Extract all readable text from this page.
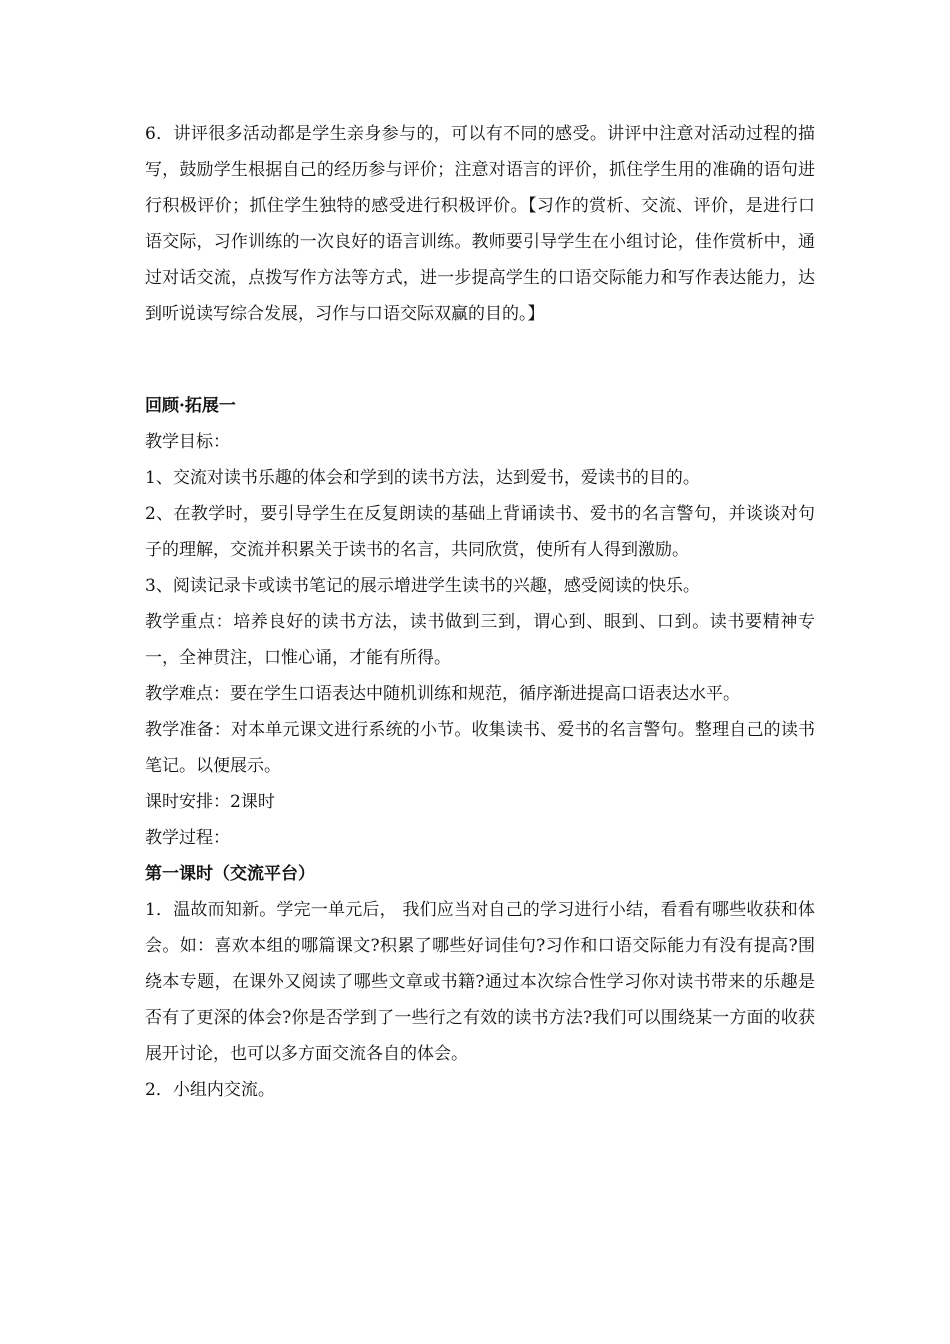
6．讲评很多活动都是学生亲身参与的，可以有不同的感受。讲评中注意对活动过程的描写，鼓励学生根据自己的经历参与评价；注意对语言的评价，抓住学生用的准确的语句进行积极评价；抓住学生独特的感受进行积极评价。【习作的赏析、交流、评价，是进行口语交际，习作训练的一次良好的语言训练。教师要引导学生在小组讨论，佳作赏析中，通过对话交流，点拨写作方法等方式，进一步提高学生的口语交际能力和写作表达能力，达到听说读写综合发展，习作与口语交际双赢的目的。】

回顾·拓展一

教学目标：

1、交流对读书乐趣的体会和学到的读书方法，达到爱书，爱读书的目的。

2、在教学时，要引导学生在反复朗读的基础上背诵读书、爱书的名言警句，并谈谈对句子的理解，交流并积累关于读书的名言，共同欣赏，使所有人得到激励。

3、阅读记录卡或读书笔记的展示增进学生读书的兴趣，感受阅读的快乐。

教学重点：培养良好的读书方法，读书做到三到，谓心到、眼到、口到。读书要精神专一，全神贯注，口惟心诵，才能有所得。

教学难点：要在学生口语表达中随机训练和规范，循序渐进提高口语表达水平。

教学准备：对本单元课文进行系统的小节。收集读书、爱书的名言警句。整理自己的读书笔记。以便展示。

课时安排：2课时

教学过程：

第一课时（交流平台）

1．温故而知新。学完一单元后， 我们应当对自己的学习进行小结，看看有哪些收获和体会。如：喜欢本组的哪篇课文?积累了哪些好词佳句?习作和口语交际能力有没有提高?围绕本专题，在课外又阅读了哪些文章或书籍?通过本次综合性学习你对读书带来的乐趣是否有了更深的体会?你是否学到了一些行之有效的读书方法?我们可以围绕某一方面的收获展开讨论，也可以多方面交流各自的体会。

2．小组内交流。
